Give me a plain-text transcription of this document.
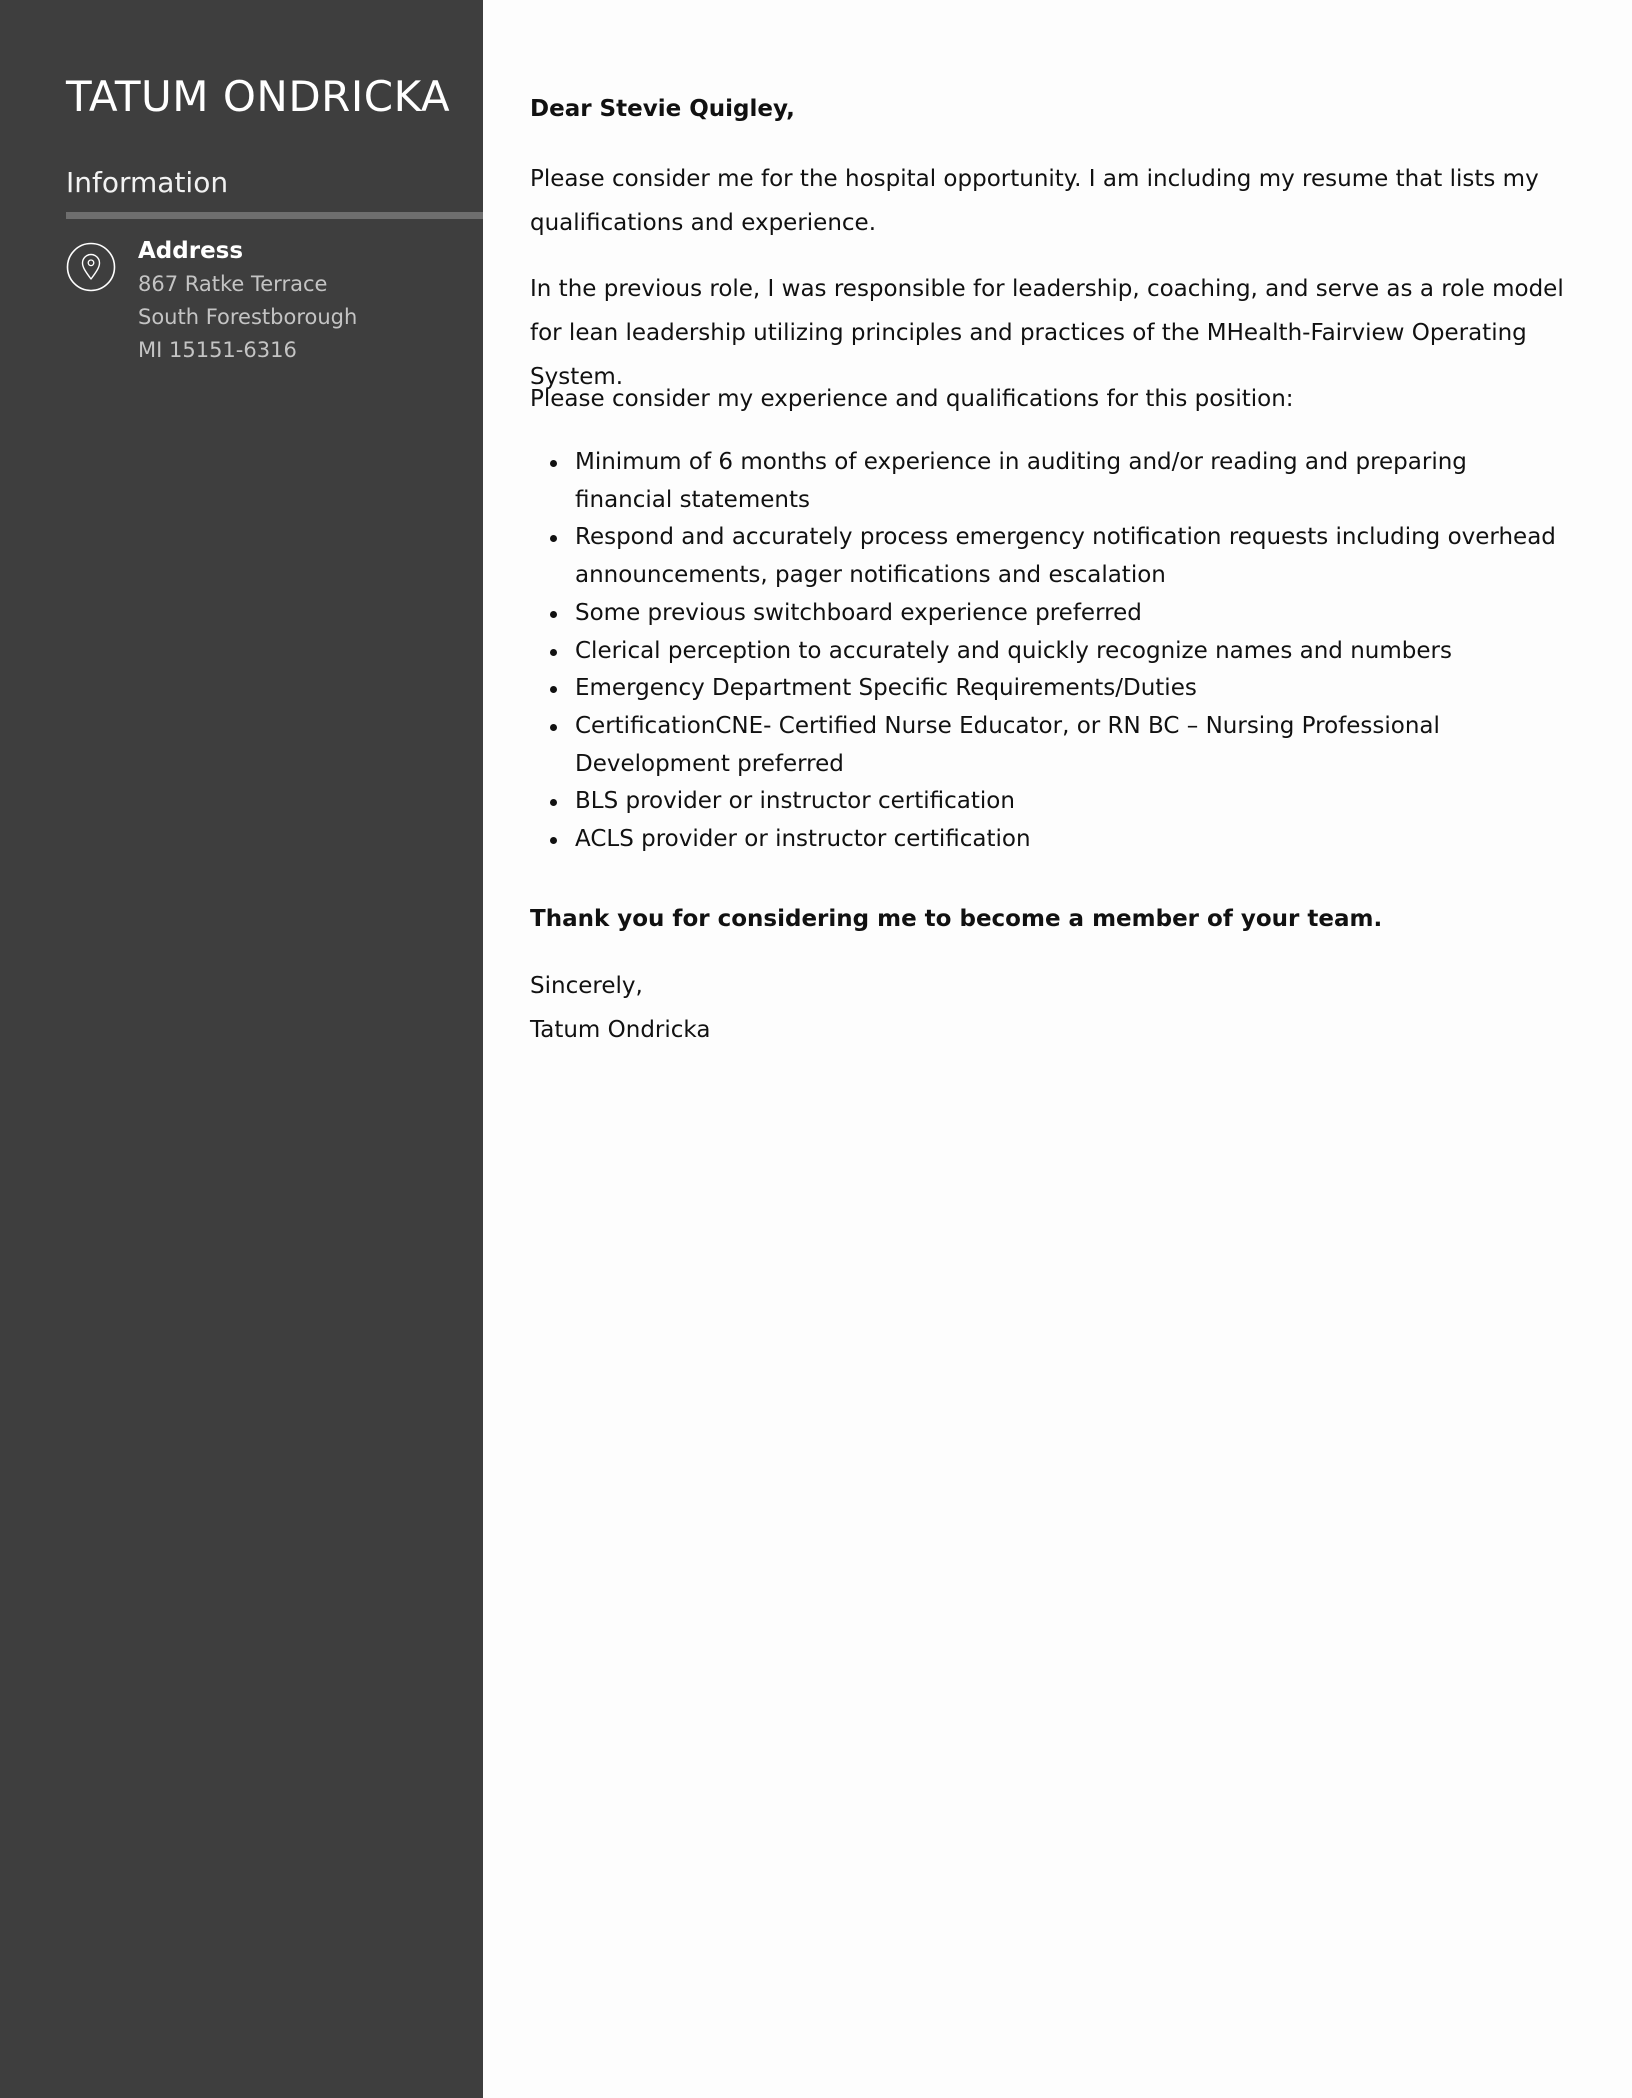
TATUM ONDRICKA
Information
Address
867 Ratke Terrace
South Forestborough
MI 15151-6316

Dear Stevie Quigley,

Please consider me for the hospital opportunity. I am including my resume that lists my qualifications and experience.

In the previous role, I was responsible for leadership, coaching, and serve as a role model for lean leadership utilizing principles and practices of the MHealth-Fairview Operating System.

Please consider my experience and qualifications for this position:

Minimum of 6 months of experience in auditing and/or reading and preparing financial statements
Respond and accurately process emergency notification requests including overhead announcements, pager notifications and escalation
Some previous switchboard experience preferred
Clerical perception to accurately and quickly recognize names and numbers
Emergency Department Specific Requirements/Duties
CertificationCNE- Certified Nurse Educator, or RN BC – Nursing Professional Development preferred
BLS provider or instructor certification
ACLS provider or instructor certification

Thank you for considering me to become a member of your team.

Sincerely,
Tatum Ondricka
